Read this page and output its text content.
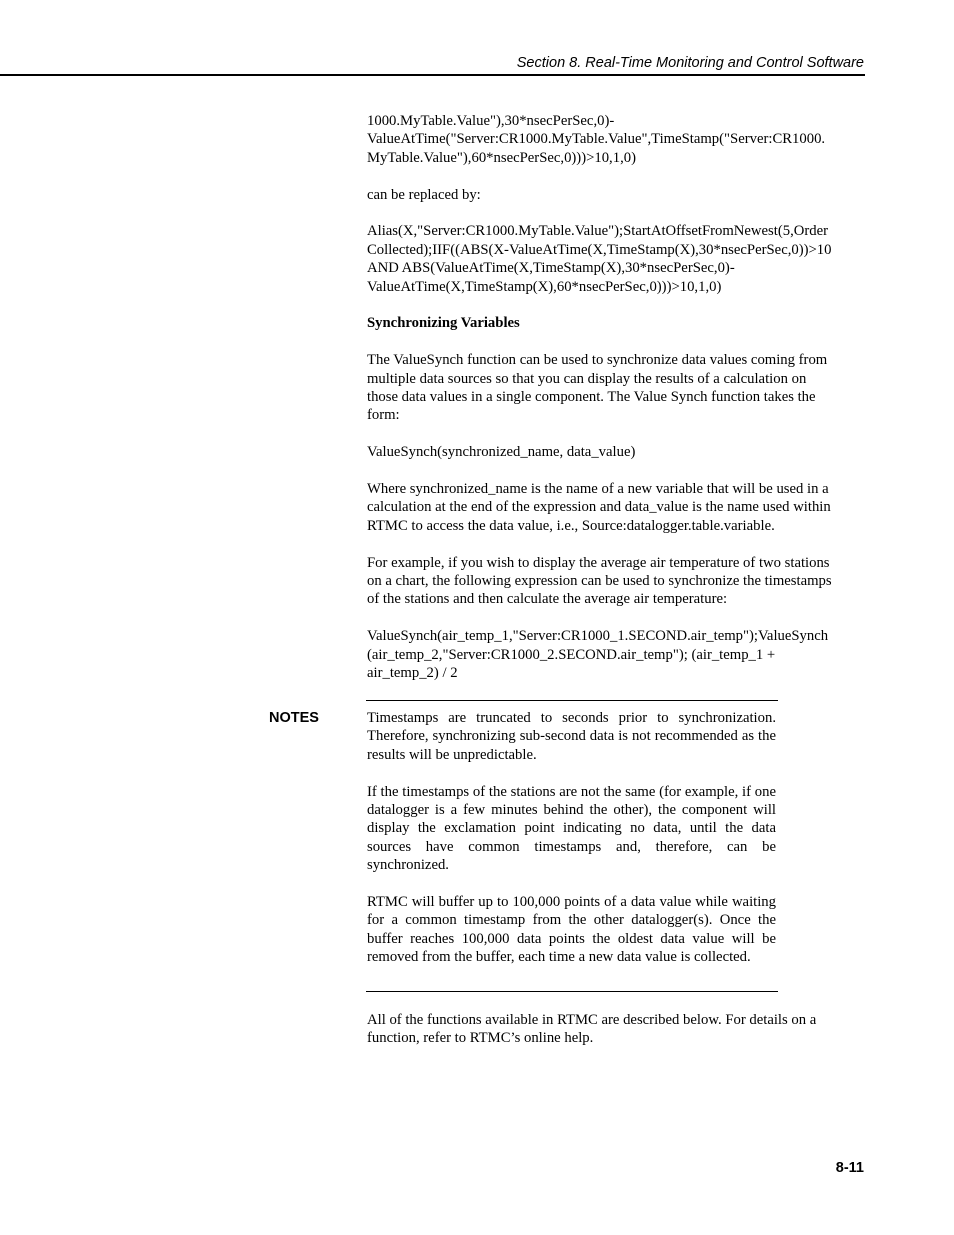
Section 8. Real-Time Monitoring and Control Software

1000.MyTable.Value"),30*nsecPerSec,0)-

ValueAtTime("Server:CR1000.MyTable.Value",TimeStamp("Server:CR1000.

MyTable.Value"),60*nsecPerSec,0)))>10,1,0)

can be replaced by:

Alias(X,"Server:CR1000.MyTable.Value");StartAtOffsetFromNewest(5,Order

Collected);IIF((ABS(X-ValueAtTime(X,TimeStamp(X),30*nsecPerSec,0))>10

AND ABS(ValueAtTime(X,TimeStamp(X),30*nsecPerSec,0)-

ValueAtTime(X,TimeStamp(X),60*nsecPerSec,0)))>10,1,0)

Synchronizing Variables

The ValueSynch function can be used to synchronize data values coming from

multiple data sources so that you can display the results of a calculation on

those data values in a single component. The Value Synch function takes the

form:

ValueSynch(synchronized_name, data_value)

Where synchronized_name is the name of a new variable that will be used in a

calculation at the end of the expression and data_value is the name used within

RTMC to access the data value, i.e., Source:datalogger.table.variable.

For example, if you wish to display the average air temperature of two stations

on a chart, the following expression can be used to synchronize the timestamps

of the stations and then calculate the average air temperature:

ValueSynch(air_temp_1,"Server:CR1000_1.SECOND.air_temp");ValueSynch

(air_temp_2,"Server:CR1000_2.SECOND.air_temp"); (air_temp_1 +

air_temp_2) / 2

NOTES	Timestamps are truncated to seconds prior to synchronization. Therefore, synchronizing sub-second data is not recommended as the results will be unpredictable.

If the timestamps of the stations are not the same (for example, if one datalogger is a few minutes behind the other), the component will display the exclamation point indicating no data, until the data sources have common timestamps and, therefore, can be synchronized.

RTMC will buffer up to 100,000 points of a data value while waiting for a common timestamp from the other datalogger(s). Once the buffer reaches 100,000 data points the oldest data value will be removed from the buffer, each time a new data value is collected.

All of the functions available in RTMC are described below. For details on a

function, refer to RTMC’s online help.

8-11
